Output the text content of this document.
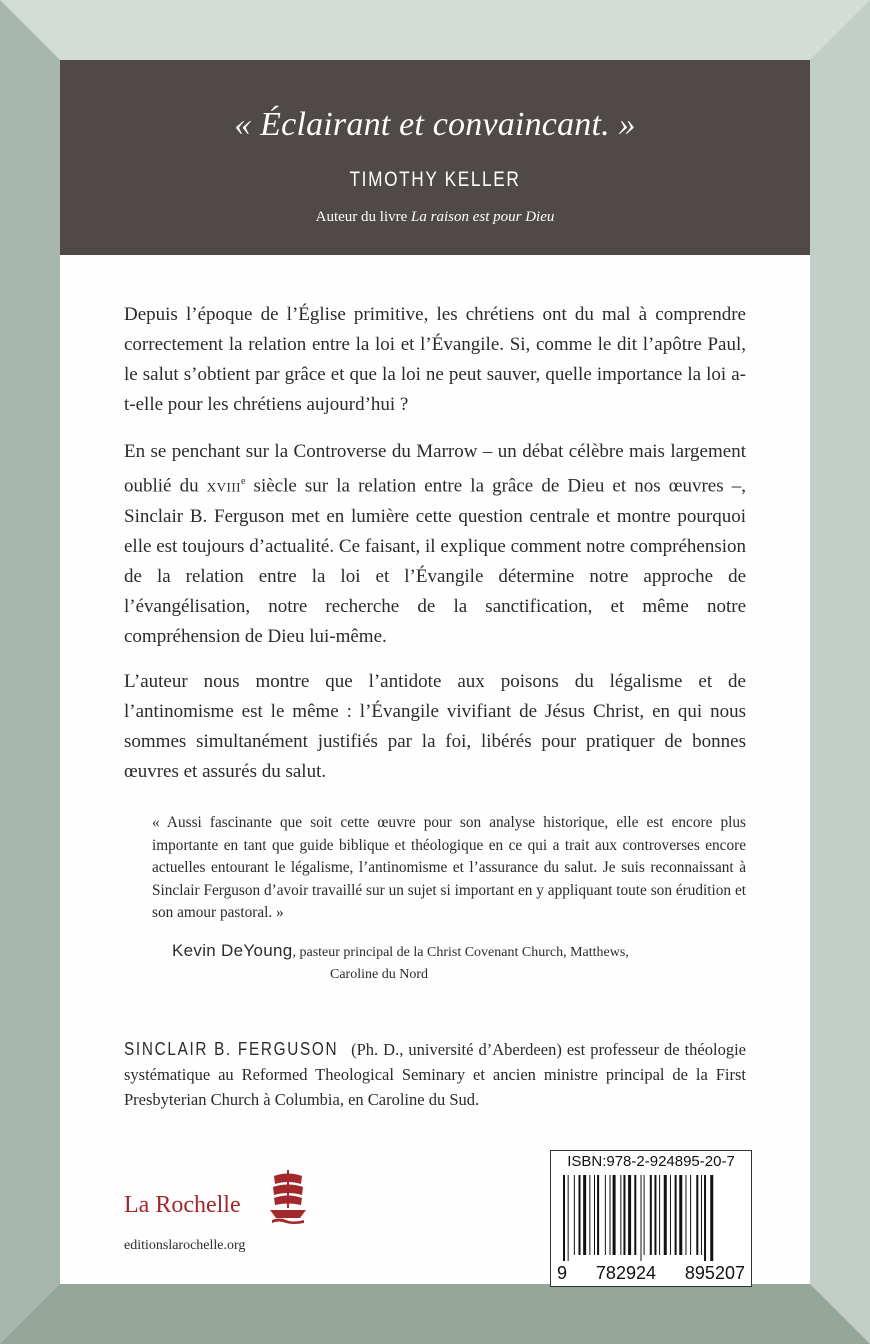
« Éclairant et convaincant. »
TIMOTHY KELLER
Auteur du livre La raison est pour Dieu
Depuis l’époque de l’Église primitive, les chrétiens ont du mal à comprendre correctement la relation entre la loi et l’Évangile. Si, comme le dit l’apôtre Paul, le salut s’obtient par grâce et que la loi ne peut sauver, quelle importance la loi a-t-elle pour les chrétiens aujourd’hui ?
En se penchant sur la Controverse du Marrow – un débat célèbre mais largement oublié du XVIIIe siècle sur la relation entre la grâce de Dieu et nos œuvres –, Sinclair B. Ferguson met en lumière cette question centrale et montre pourquoi elle est toujours d’actualité. Ce faisant, il explique comment notre compréhension de la relation entre la loi et l’Évangile détermine notre approche de l’évangélisation, notre recherche de la sanctification, et même notre compréhension de Dieu lui-même.
L’auteur nous montre que l’antidote aux poisons du légalisme et de l’antinomisme est le même : l’Évangile vivifiant de Jésus Christ, en qui nous sommes simultanément justifiés par la foi, libérés pour pratiquer de bonnes œuvres et assurés du salut.
« Aussi fascinante que soit cette œuvre pour son analyse historique, elle est encore plus importante en tant que guide biblique et théologique en ce qui a trait aux controverses encore actuelles entourant le légalisme, l’antinomisme et l’assurance du salut. Je suis reconnaissant à Sinclair Ferguson d’avoir travaillé sur un sujet si important en y appliquant toute son érudition et son amour pastoral. »
Kevin DeYoung, pasteur principal de la Christ Covenant Church, Matthews,
Caroline du Nord
SINCLAIR B. FERGUSON (Ph. D., université d’Aberdeen) est professeur de théologie systématique au Reformed Theological Seminary et ancien ministre principal de la First Presbyterian Church à Columbia, en Caroline du Sud.
La Rochelle
editionslarochelle.org
ISBN:978-2-924895-20-7
9 782924 895207
